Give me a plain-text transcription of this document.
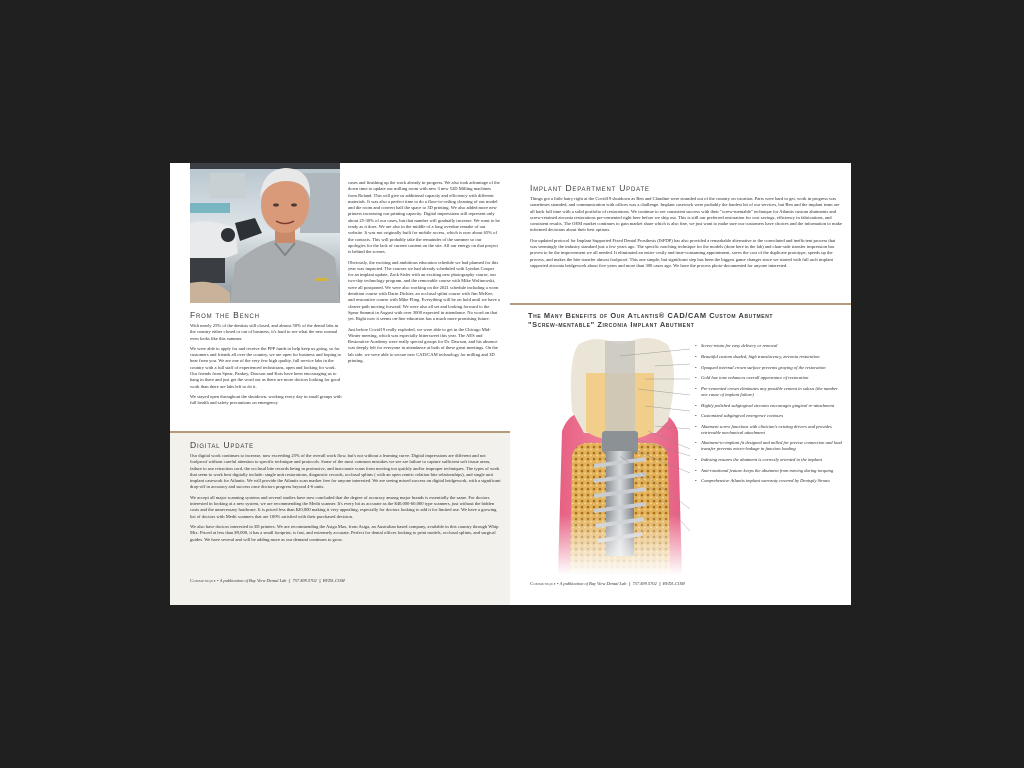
From the Bench

With nearly 25% of the dentists still closed, and almost 50% of the dental labs in the country either closed or out of business, it's hard to see what the new normal even looks like this summer.

We were able to apply for and receive the PPP funds to help keep us going, so for customers and friends all over the country, we are open for business and hoping to hear from you. We are one of the very few high quality, full service labs in the country with a full staff of experienced technicians, open and looking for work. Our friends from Spear, Pankey, Dawson and Kois have been encouraging us to hang in there and just get the word out as there are more doctors looking for good work than there are labs left to do it.

We stayed open throughout the shutdown, working every day in small groups with full health and safety precautions on emergency

cases and finishing up the work already in progress. We also took advantage of the down time to update our milling room with new 3 new 52D Milling machines from Roland. This will give us additional capacity and efficiency with different materials. It was also a perfect time to do a floor-to-ceiling cleaning of our model and die room and convert half the space to 3D printing. We also added more new printers increasing our printing capacity. Digital impressions still represent only about 25-30% of our cases, but that number will gradually increase. We want to be ready as it does. We are also in the middle of a long overdue remake of our website. It was not originally built for mobile access, which is now about 65% of the contacts. This will probably take the remainder of the summer so our apologies for the lack of current content on the site. All our energy on that project is behind the scenes.

Obviously, the exciting and ambitious education schedule we had planned for this year was impacted. The courses we had already scheduled with Lyndon Cooper for an implant update, Zack Sisler with an exciting new photography course, our two-day technology program, and the removable course with Mike Wolinowski, were all postponed. We were also working on the 2021 schedule including a worn dentition course with Darin Dichter, an occlusal splint course with Jim McKee, and restorative course with Mike Fling. Everything will be on hold until we have a clearer path moving forward. We were also all set and looking forward to the Spear Summit in August with over 3000 expected in attendance. No word on that yet. Right now it seems on-line education has a much more promising future.

Just before Covid19 really exploded, we were able to get in the Chicago Mid-Winter meeting, which was especially bittersweet this year. The AES and Restorative Academy were really special groups for Dr. Dawson, and his absence was deeply felt for everyone in attendance at both of these great meetings. On the lab side, we were able to secure new CAD/CAM technology for milling and 3D printing.

Digital Update

Our digital work continues to increase, now exceeding 25% of the overall work flow, but's not without a learning curve. Digital impressions are different and not foolproof without careful attention to specific technique and protocols. Some of the most common mistakes we see are failure to capture sufficient soft tissue areas, failure to use retraction cord, the occlusal bite records being in protrusive, and inaccurate scans from moving too quickly and/or improper techniques. The types of work that seem to work best digitally include: single unit restorations, diagnostic records, occlusal splints ( with an open centric relation bite relationships), and single unit implant casework for Atlantis. We will provide the Atlantis scan marker free for anyone interested. We are seeing mixed success on digital bridgework, with a significant drop-off in accuracy and success once doctors progress beyond 4-6 units.

We accept all major scanning systems and several studies have now concluded that the degree of accuracy among major brands is essentially the same. For doctors interested in looking at a new system, we are recommending the Medit scanner. It's every bit as accurate as the $40,000-60,000 type scanners, just without the hidden costs and the unnecessary hardware. It is priced less than $20,000 making it very appealing, especially for doctors looking to add it for limited use. We have a growing list of doctors with Medit scanners that are 100% satisfied with their purchased decision.

We also have doctors interested in 3D printers. We are recommending the Asiga Max, from Asiga, an Australian based company, available in this country through Whip Mix. Priced at less than $9,000, it has a small footprint, is fast, and extremely accurate. Perfect for dental offices looking to print models, occlusal splints, and surgical guides. We have several and will be adding more as our demand continues to grow.

Communique • A publication of Bay View Dental Lab || 757.499.5702 || BVDL.COM
Implant Department Update

Things got a little hairy right at the Covid19 shutdown as Ben and Claudine were stranded out of the country on vacation. Parts were hard to get, work in progress was sometimes stranded, and communication with offices was a challenge. Implant casework were probably the hardest hit of our services, but Ben and the implant team are all back full time with a solid portfolio of restorations. We continue to see consistent success with their "screw-mentable" technique for Atlantis custom abutments and screw-retained zirconia restorations pre-cemented right here before we ship out. This is still our preferred restoration for cost savings, efficiency in fabrications, and consistent results. The OEM market continues to gain market share which is also fine, we just want to make sure our customers have choices and the information to make informed decisions about their best options.

Our updated protocol for Implant Supported Fixed Dental Prosthesis (ISFDP) has also provided a remarkable alternative to the convoluted and inefficient process that was seemingly the industry standard just a few years ago. The specific notching technique for the models (done here in the lab) and chair-side transfer impression has proven to be the improvement we all needed. It eliminated an entire costly and time-consuming appointment, saves the cost of the duplicate prototype, speeds up the process, and makes the bite transfer almost foolproof. This one simple, but significant step has been the biggest game changer since we started with full arch implant supported zirconia bridgework about five years and more than 300 cases ago. We have the process photo-documented for anyone interested.

The Many Benefits of Our Atlantis® CAD/CAM Custom Abutment
"Screw-mentable" Zirconia Implant Abutment
• Screw-retain for easy delivery or removal
• Beautiful custom shaded, high translucency, zirconia restoration
• Opaqued internal crown surface prevents graying of the restoration
• Gold hue tone enhances overall appearance of restoration
• Pre-cemented crown eliminates any possible cement in sulcus (the number one cause of implant failure)
• Highly polished subgingival zirconia encourages gingival re-attachment
• Customized subgingival emergence contours
• Abutment screw functions with clinician's existing drivers and provides retrievable mechanical attachment
• Abutment-to-implant fit designed and milled for precise connection and load transfer prevents micro-leakage in function loading
• Indexing ensures the abutment is correctly oriented to the implant
• Anti-rotational feature keeps the abutment from moving during torquing
• Comprehensive Atlantis implant warranty covered by Dentsply Sirona
Communique • A publication of Bay View Dental Lab || 757.499.5702 || BVDL.COM
